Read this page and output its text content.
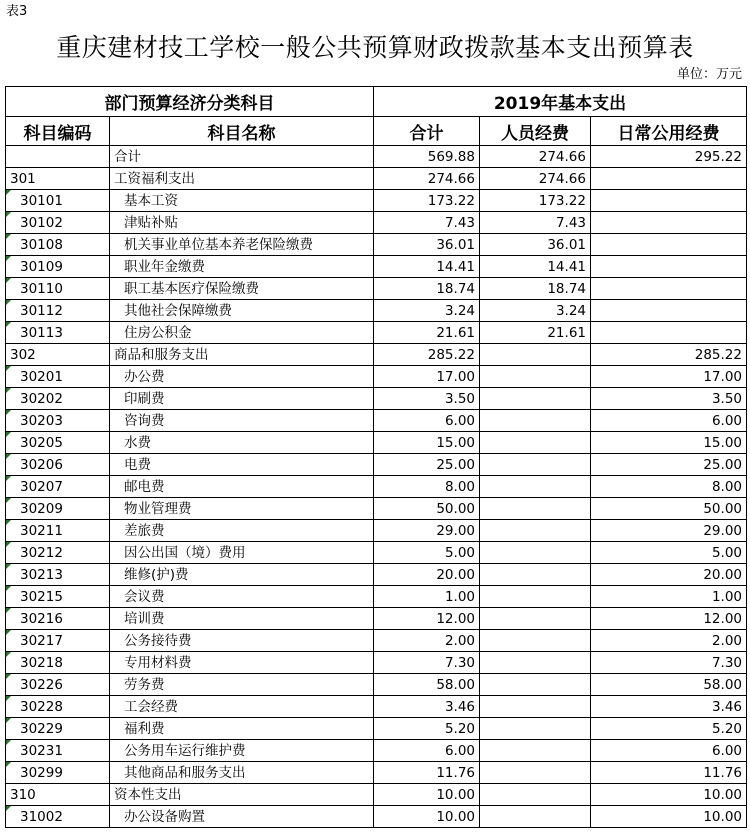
表3
重庆建材技工学校一般公共预算财政拨款基本支出预算表
单位：万元
部门预算经济分类科目		2019年基本支出		
科目编码	科目名称	合计	人员经费	日常公用经费
	合计	569.88	274.66	295.22
301	工资福利支出	274.66	274.66	
30101	基本工资	173.22	173.22	
30102	津贴补贴	7.43	7.43	
30108	机关事业单位基本养老保险缴费	36.01	36.01	
30109	职业年金缴费	14.41	14.41	
30110	职工基本医疗保险缴费	18.74	18.74	
30112	其他社会保障缴费	3.24	3.24	
30113	住房公积金	21.61	21.61	
302	商品和服务支出	285.22		285.22
30201	办公费	17.00		17.00
30202	印刷费	3.50		3.50
30203	咨询费	6.00		6.00
30205	水费	15.00		15.00
30206	电费	25.00		25.00
30207	邮电费	8.00		8.00
30209	物业管理费	50.00		50.00
30211	差旅费	29.00		29.00
30212	因公出国（境）费用	5.00		5.00
30213	维修(护)费	20.00		20.00
30215	会议费	1.00		1.00
30216	培训费	12.00		12.00
30217	公务接待费	2.00		2.00
30218	专用材料费	7.30		7.30
30226	劳务费	58.00		58.00
30228	工会经费	3.46		3.46
30229	福利费	5.20		5.20
30231	公务用车运行维护费	6.00		6.00
30299	其他商品和服务支出	11.76		11.76
310	资本性支出	10.00		10.00
31002	办公设备购置	10.00		10.00
